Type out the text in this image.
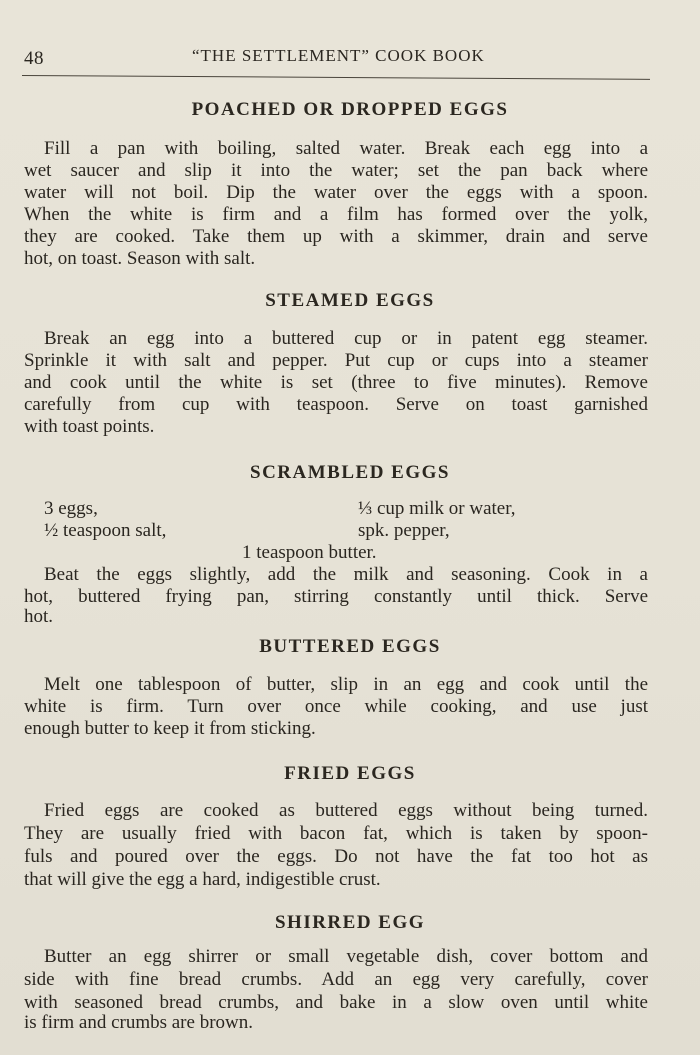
48	“THE SETTLEMENT” COOK BOOK
POACHED OR DROPPED EGGS
Fill a pan with boiling, salted water. Break each egg into a
wet saucer and slip it into the water; set the pan back where
water will not boil. Dip the water over the eggs with a spoon.
When the white is firm and a film has formed over the yolk,
they are cooked. Take them up with a skimmer, drain and serve
hot, on toast. Season with salt.
STEAMED EGGS
Break an egg into a buttered cup or in patent egg steamer.
Sprinkle it with salt and pepper. Put cup or cups into a steamer
and cook until the white is set (three to five minutes). Remove
carefully from cup with teaspoon. Serve on toast garnished
with toast points.
SCRAMBLED EGGS
3 eggs,	⅓ cup milk or water,
½ teaspoon salt,	spk. pepper,
1 teaspoon butter.
Beat the eggs slightly, add the milk and seasoning. Cook in a
hot, buttered frying pan, stirring constantly until thick. Serve
hot.
BUTTERED EGGS
Melt one tablespoon of butter, slip in an egg and cook until the
white is firm. Turn over once while cooking, and use just
enough butter to keep it from sticking.
FRIED EGGS
Fried eggs are cooked as buttered eggs without being turned.
They are usually fried with bacon fat, which is taken by spoon-
fuls and poured over the eggs. Do not have the fat too hot as
that will give the egg a hard, indigestible crust.
SHIRRED EGG
Butter an egg shirrer or small vegetable dish, cover bottom and
side with fine bread crumbs. Add an egg very carefully, cover
with seasoned bread crumbs, and bake in a slow oven until white
is firm and crumbs are brown.
